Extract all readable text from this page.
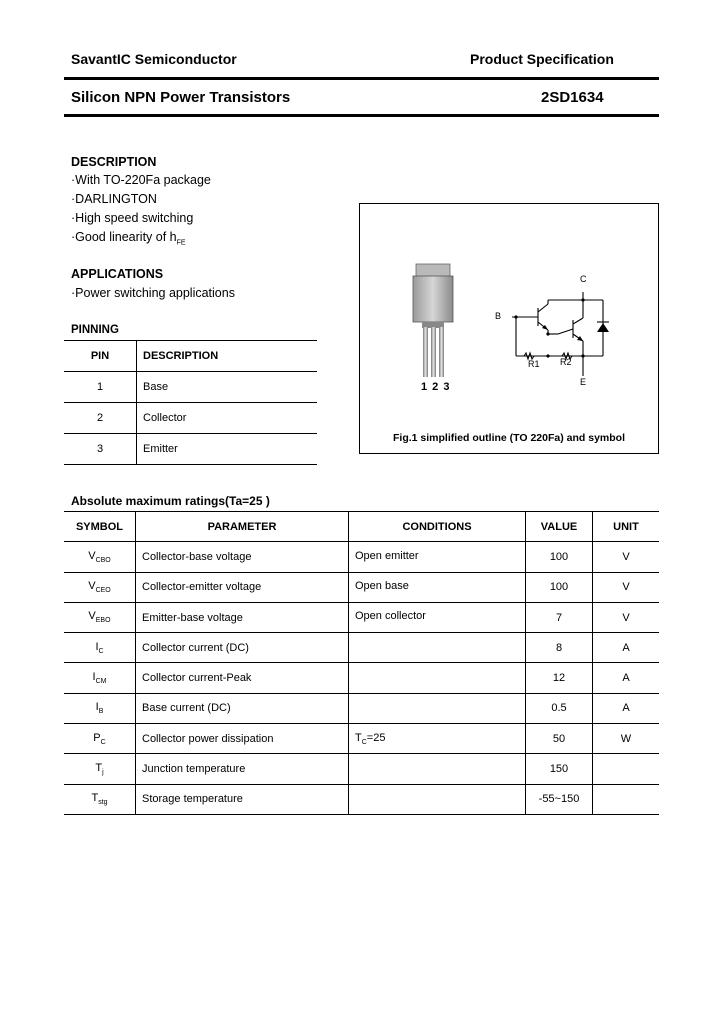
SavantIC Semiconductor	Product Specification
Silicon NPN Power Transistors	2SD1634
DESCRIPTION
·With TO-220Fa package
·DARLINGTON
·High speed switching
·Good linearity of $h_{FE}$
APPLICATIONS
·Power switching applications
PINNING
PIN	DESCRIPTION
1	Base
2	Collector
3	Emitter
1 2 3
B
C
E
R1 R2
Fig.1 simplified outline (TO 220Fa) and symbol
Absolute maximum ratings(Ta=25 )
SYMBOL	PARAMETER	CONDITIONS	VALUE	UNIT
$V_{CBO}$	Collector-base voltage	Open emitter	100	V
$V_{CEO}$	Collector-emitter voltage	Open base	100	V
$V_{EBO}$	Emitter-base voltage	Open collector	7	V
$I_C$	Collector current (DC)		8	A
$I_{CM}$	Collector current-Peak		12	A
$I_B$	Base current (DC)		0.5	A
$P_C$	Collector power dissipation	$T_C=25$	50	W
$T_j$	Junction temperature		150	
$T_{stg}$	Storage temperature		-55~150	
